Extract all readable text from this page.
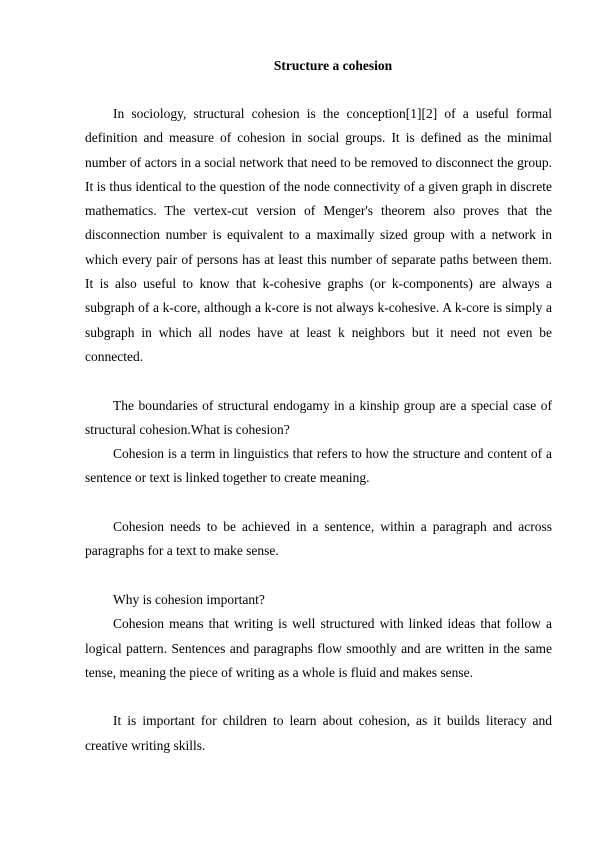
Structure a cohesion

In sociology, structural cohesion is the conception[1][2] of a useful formal definition and measure of cohesion in social groups. It is defined as the minimal number of actors in a social network that need to be removed to disconnect the group. It is thus identical to the question of the node connectivity of a given graph in discrete mathematics. The vertex-cut version of Menger's theorem also proves that the disconnection number is equivalent to a maximally sized group with a network in which every pair of persons has at least this number of separate paths between them. It is also useful to know that k-cohesive graphs (or k-components) are always a subgraph of a k-core, although a k-core is not always k-cohesive. A k-core is simply a subgraph in which all nodes have at least k neighbors but it need not even be connected.

The boundaries of structural endogamy in a kinship group are a special case of structural cohesion.What is cohesion?

Cohesion is a term in linguistics that refers to how the structure and content of a sentence or text is linked together to create meaning.

Cohesion needs to be achieved in a sentence, within a paragraph and across paragraphs for a text to make sense.

Why is cohesion important?

Cohesion means that writing is well structured with linked ideas that follow a logical pattern. Sentences and paragraphs flow smoothly and are written in the same tense, meaning the piece of writing as a whole is fluid and makes sense.

It is important for children to learn about cohesion, as it builds literacy and creative writing skills.
